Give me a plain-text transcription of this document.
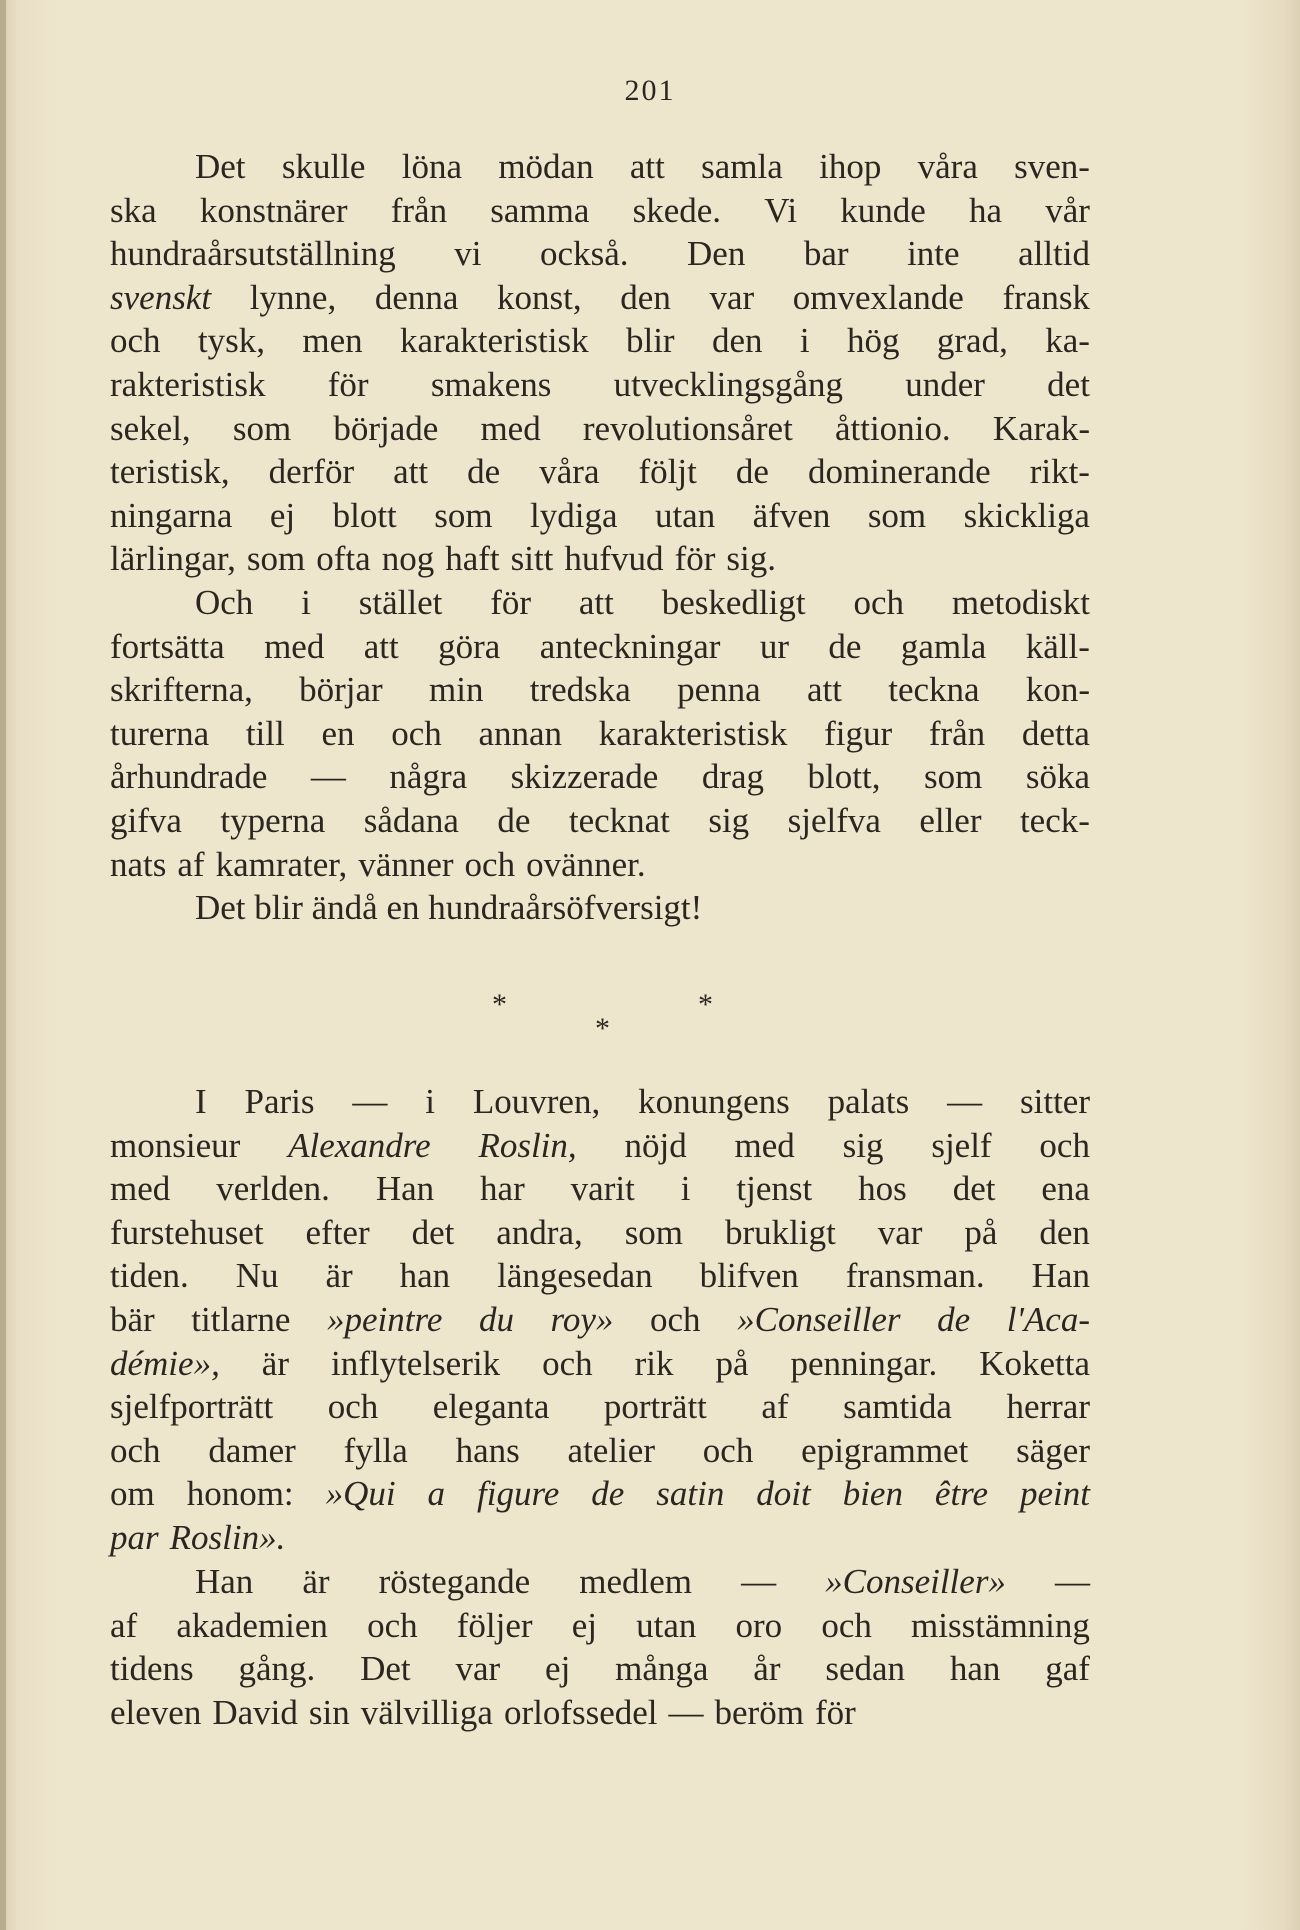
201
Det skulle löna mödan att samla ihop våra sven-
ska konstnärer från samma skede. Vi kunde ha vår
hundraårsutställning vi också. Den bar inte alltid
svenskt lynne, denna konst, den var omvexlande fransk
och tysk, men karakteristisk blir den i hög grad, ka-
rakteristisk för smakens utvecklingsgång under det
sekel, som började med revolutionsåret åttionio. Karak-
teristisk, derför att de våra följt de dominerande rikt-
ningarna ej blott som lydiga utan äfven som skickliga
lärlingar, som ofta nog haft sitt hufvud för sig.
Och i stället för att beskedligt och metodiskt
fortsätta med att göra anteckningar ur de gamla käll-
skrifterna, börjar min tredska penna att teckna kon-
turerna till en och annan karakteristisk figur från detta
århundrade — några skizzerade drag blott, som söka
gifva typerna sådana de tecknat sig sjelfva eller teck-
nats af kamrater, vänner och ovänner.
Det blir ändå en hundraårsöfversigt!
*	*
*
I Paris — i Louvren, konungens palats — sitter
monsieur Alexandre Roslin, nöjd med sig sjelf och
med verlden. Han har varit i tjenst hos det ena
furstehuset efter det andra, som brukligt var på den
tiden. Nu är han längesedan blifven fransman. Han
bär titlarne »peintre du roy» och »Conseiller de l'Aca-
démie», är inflytelserik och rik på penningar. Koketta
sjelfporträtt och eleganta porträtt af samtida herrar
och damer fylla hans atelier och epigrammet säger
om honom: »Qui a figure de satin doit bien être peint
par Roslin».
Han är röstegande medlem — »Conseiller» —
af akademien och följer ej utan oro och misstämning
tidens gång. Det var ej många år sedan han gaf
eleven David sin välvilliga orlofssedel — beröm för
